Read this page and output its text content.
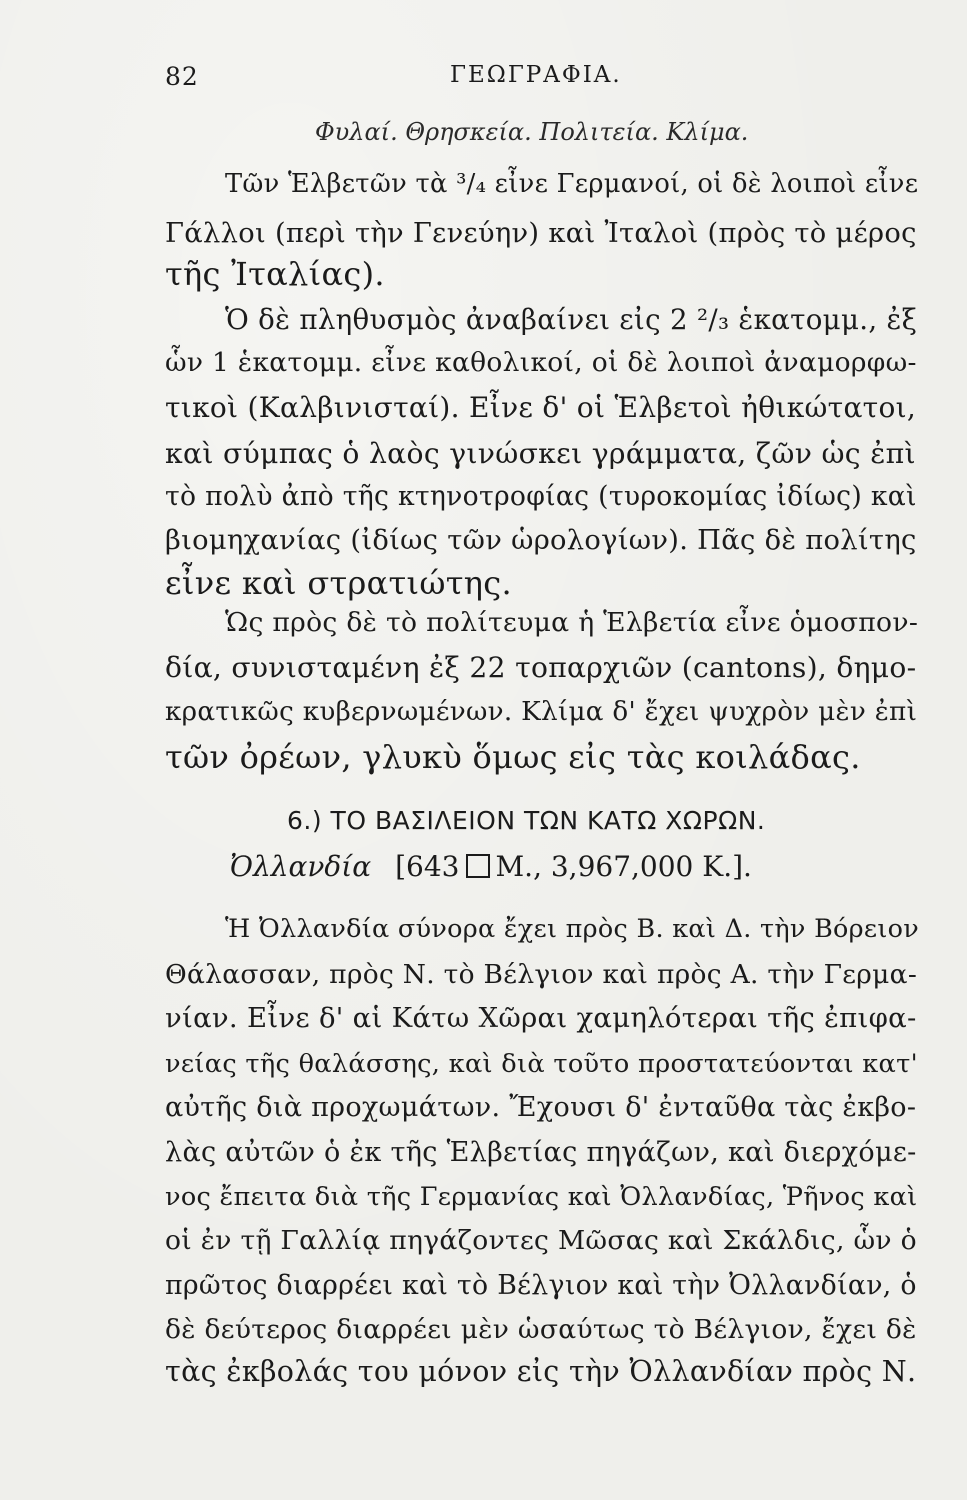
82	ΓΕΩΓΡΑΦΙΑ.
Φυλαί. Θρησκεία. Πολιτεία. Κλίμα.
Τῶν Ἑλβετῶν τὰ ³/₄ εἶνε Γερμανοί, οἱ δὲ λοιποὶ εἶνε
Γάλλοι (περὶ τὴν Γενεύην) καὶ Ἰταλοὶ (πρὸς τὸ μέρος
τῆς Ἰταλίας).
Ὁ δὲ πληθυσμὸς ἀναβαίνει εἰς 2 ²/₃ ἑκατομμ., ἐξ
ὧν 1 ἑκατομμ. εἶνε καθολικοί, οἱ δὲ λοιποὶ ἀναμορφω-
τικοὶ (Καλβινισταί). Εἶνε δ' οἱ Ἑλβετοὶ ἠθικώτατοι,
καὶ σύμπας ὁ λαὸς γινώσκει γράμματα, ζῶν ὡς ἐπὶ
τὸ πολὺ ἀπὸ τῆς κτηνοτροφίας (τυροκομίας ἰδίως) καὶ
βιομηχανίας (ἰδίως τῶν ὡρολογίων). Πᾶς δὲ πολίτης
εἶνε καὶ στρατιώτης.
Ὡς πρὸς δὲ τὸ πολίτευμα ἡ Ἑλβετία εἶνε ὁμοσπον-
δία, συνισταμένη ἐξ 22 τοπαρχιῶν (cantons), δημο-
κρατικῶς κυβερνωμένων. Κλίμα δ' ἔχει ψυχρὸν μὲν ἐπὶ
τῶν ὀρέων, γλυκὺ ὅμως εἰς τὰς κοιλάδας.
6.) ΤΟ ΒΑΣΙΛΕΙΟΝ ΤΩΝ ΚΑΤΩ ΧΩΡΩΝ.
Ὀλλανδία [643 M., 3,967,000 K.].
Ἡ Ὀλλανδία σύνορα ἔχει πρὸς Β. καὶ Δ. τὴν Βόρειον
Θάλασσαν, πρὸς Ν. τὸ Βέλγιον καὶ πρὸς Α. τὴν Γερμα-
νίαν. Εἶνε δ' αἱ Κάτω Χῶραι χαμηλότεραι τῆς ἐπιφα-
νείας τῆς θαλάσσης, καὶ διὰ τοῦτο προστατεύονται κατ'
αὐτῆς διὰ προχωμάτων. Ἔχουσι δ' ἐνταῦθα τὰς ἐκβο-
λὰς αὐτῶν ὁ ἐκ τῆς Ἑλβετίας πηγάζων, καὶ διερχόμε-
νος ἔπειτα διὰ τῆς Γερμανίας καὶ Ὀλλανδίας, Ῥῆνος καὶ
οἱ ἐν τῇ Γαλλίᾳ πηγάζοντες Μῶσας καὶ Σκάλδις, ὧν ὁ
πρῶτος διαρρέει καὶ τὸ Βέλγιον καὶ τὴν Ὀλλανδίαν, ὁ
δὲ δεύτερος διαρρέει μὲν ὡσαύτως τὸ Βέλγιον, ἔχει δὲ
τὰς ἐκβολάς του μόνον εἰς τὴν Ὀλλανδίαν πρὸς Ν.
